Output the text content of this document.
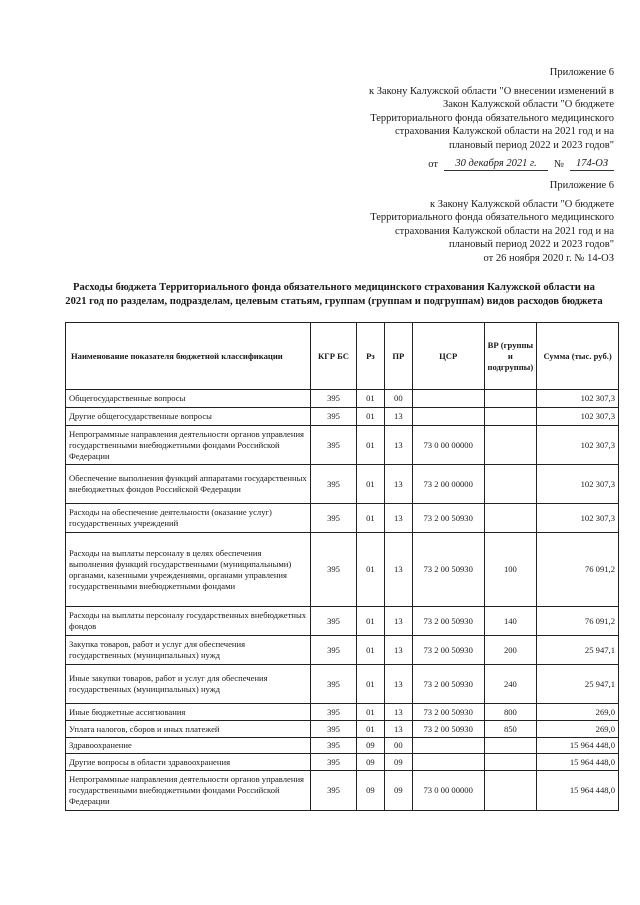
Приложение 6
к Закону Калужской области "О внесении изменений в
Закон Калужской области "О бюджете
Территориального фонда обязательного медицинского
страхования Калужской области на 2021 год и на
плановый период 2022 и 2023 годов"
от	30 декабря 2021 г.	№	174-ОЗ
Приложение 6
к Закону Калужской области "О бюджете
Территориального фонда обязательного медицинского
страхования Калужской области на 2021 год и на
плановый период 2022 и 2023 годов"
от 26 ноября 2020 г. № 14-ОЗ
Расходы бюджета Территориального фонда обязательного медицинского страхования Калужской области на
2021 год по разделам, подразделам, целевым статьям, группам (группам и подгруппам) видов расходов бюджета
Наименование показателя бюджетной классификации	КГР БС	Рз	ПР	ЦСР	ВР (группы и подгруппы)	Сумма (тыс. руб.)
Общегосударственные вопросы	395	01	00			102 307,3
Другие общегосударственные вопросы	395	01	13			102 307,3
Непрограммные направления деятельности органов управления государственными внебюджетными фондами Российской Федерации	395	01	13	73 0 00 00000		102 307,3
Обеспечение выполнения функций аппаратами государственных внебюджетных фондов Российской Федерации	395	01	13	73 2 00 00000		102 307,3
Расходы на обеспечение деятельности (оказание услуг) государственных учреждений	395	01	13	73 2 00 50930		102 307,3
Расходы на выплаты персоналу в целях обеспечения выполнения функций государственными (муниципальными) органами, казенными учреждениями, органами управления государственными внебюджетными фондами	395	01	13	73 2 00 50930	100	76 091,2
Расходы на выплаты персоналу государственных внебюджетных фондов	395	01	13	73 2 00 50930	140	76 091,2
Закупка товаров, работ и услуг для обеспечения государственных (муниципальных) нужд	395	01	13	73 2 00 50930	200	25 947,1
Иные закупки товаров, работ и услуг для обеспечения государственных (муниципальных) нужд	395	01	13	73 2 00 50930	240	25 947,1
Иные бюджетные ассигнования	395	01	13	73 2 00 50930	800	269,0
Уплата налогов, сборов и иных платежей	395	01	13	73 2 00 50930	850	269,0
Здравоохранение	395	09	00			15 964 448,0
Другие вопросы в области здравоохранения	395	09	09			15 964 448,0
Непрограммные направления деятельности органов управления государственными внебюджетными фондами Российской Федерации	395	09	09	73 0 00 00000		15 964 448,0
